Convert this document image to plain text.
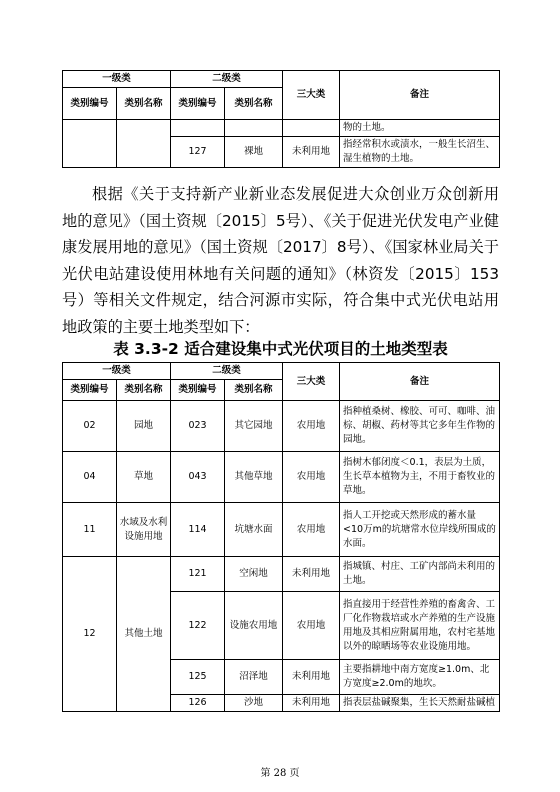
一级类		二级类		三大类	备注
类别编号	类别名称	类别编号	类别名称		
					物的土地。
		127	裸地	未利用地	指经常积水或渍水，一般生长沼生、湿生植物的土地。

根据《关于支持新产业新业态发展促进大众创业万众创新用地的意见》（国土资规〔2015〕5号）、《关于促进光伏发电产业健康发展用地的意见》（国土资规〔2017〕8号）、《国家林业局关于光伏电站建设使用林地有关问题的通知》（林资发〔2015〕153号）等相关文件规定，结合河源市实际，符合集中式光伏电站用地政策的主要土地类型如下：

表 3.3-2 适合建设集中式光伏项目的土地类型表
一级类		二级类		三大类	备注
类别编号	类别名称	类别编号	类别名称		
02	园地	023	其它园地	农用地	指种植桑树、橡胶、可可、咖啡、油棕、胡椒、药材等其它多年生作物的园地。
04	草地	043	其他草地	农用地	指树木郁闭度＜0.1，表层为土质，生长草本植物为主，不用于畜牧业的草地。
11	水域及水利设施用地	114	坑塘水面	农用地	指人工开挖或天然形成的蓄水量<10万m的坑塘常水位岸线所围成的水面。
12	其他土地	121	空闲地	未利用地	指城镇、村庄、工矿内部尚未利用的土地。
		122	设施农用地	农用地	指直接用于经营性养殖的畜禽舍、工厂化作物栽培或水产养殖的生产设施用地及其相应附属用地，农村宅基地以外的晾晒场等农业设施用地。
		125	沼泽地	未利用地	主要指耕地中南方宽度≥1.0m、北方宽度≥2.0m的地坎。
		126	沙地	未利用地	指表层盐碱聚集，生长天然耐盐碱植
第 28 页
